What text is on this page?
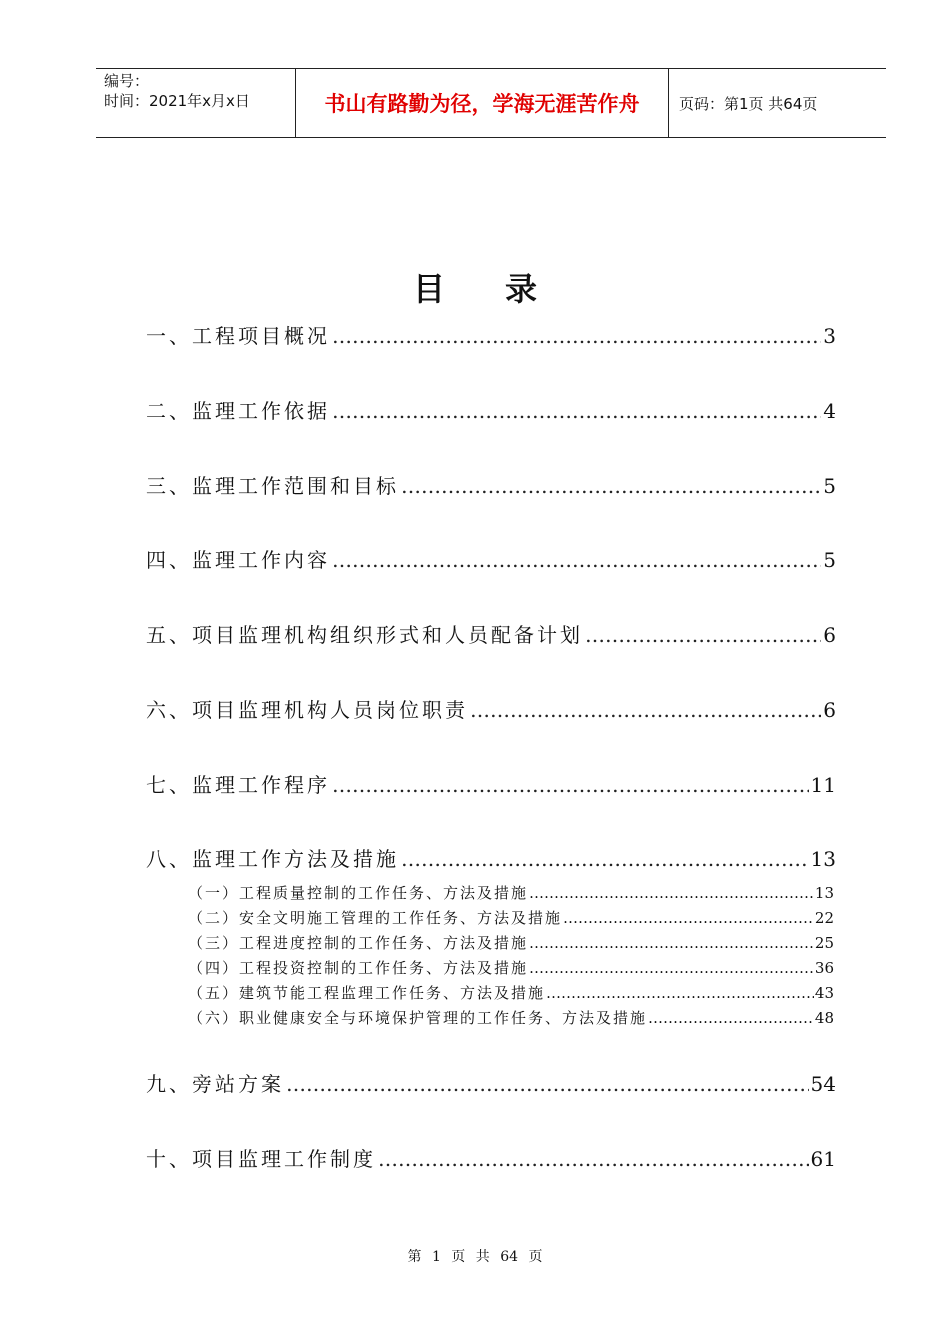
编号：
时间：2021年x月x日	书山有路勤为径，学海无涯苦作舟	页码：第1页 共64页
目录
一、工程项目概况 …………………………………………………………………………………………………………………………………………………………	3
二、监理工作依据 …………………………………………………………………………………………………………………………………………………………	4
三、监理工作范围和目标 …………………………………………………………………………………………………………………………………………………………	5
四、监理工作内容 …………………………………………………………………………………………………………………………………………………………	5
五、项目监理机构组织形式和人员配备计划 …………………………………………………………………………………………………………………………………………………………	6
六、项目监理机构人员岗位职责 …………………………………………………………………………………………………………………………………………………………	6
七、监理工作程序 …………………………………………………………………………………………………………………………………………………………	11
八、监理工作方法及措施 …………………………………………………………………………………………………………………………………………………………	13
（一）工程质量控制的工作任务、方法及措施 ……………………………………………………………………………………………………………………………………	13
（二）安全文明施工管理的工作任务、方法及措施 ……………………………………………………………………………………………………………………………………	22
（三）工程进度控制的工作任务、方法及措施 ……………………………………………………………………………………………………………………………………	25
（四）工程投资控制的工作任务、方法及措施 ……………………………………………………………………………………………………………………………………	36
（五）建筑节能工程监理工作任务、方法及措施 ……………………………………………………………………………………………………………………………………	43
（六）职业健康安全与环境保护管理的工作任务、方法及措施 ……………………………………………………………………………………………………………………………………	48
九、旁站方案 …………………………………………………………………………………………………………………………………………………………	54
十、项目监理工作制度 …………………………………………………………………………………………………………………………………………………………	61
第 1 页 共 64 页
